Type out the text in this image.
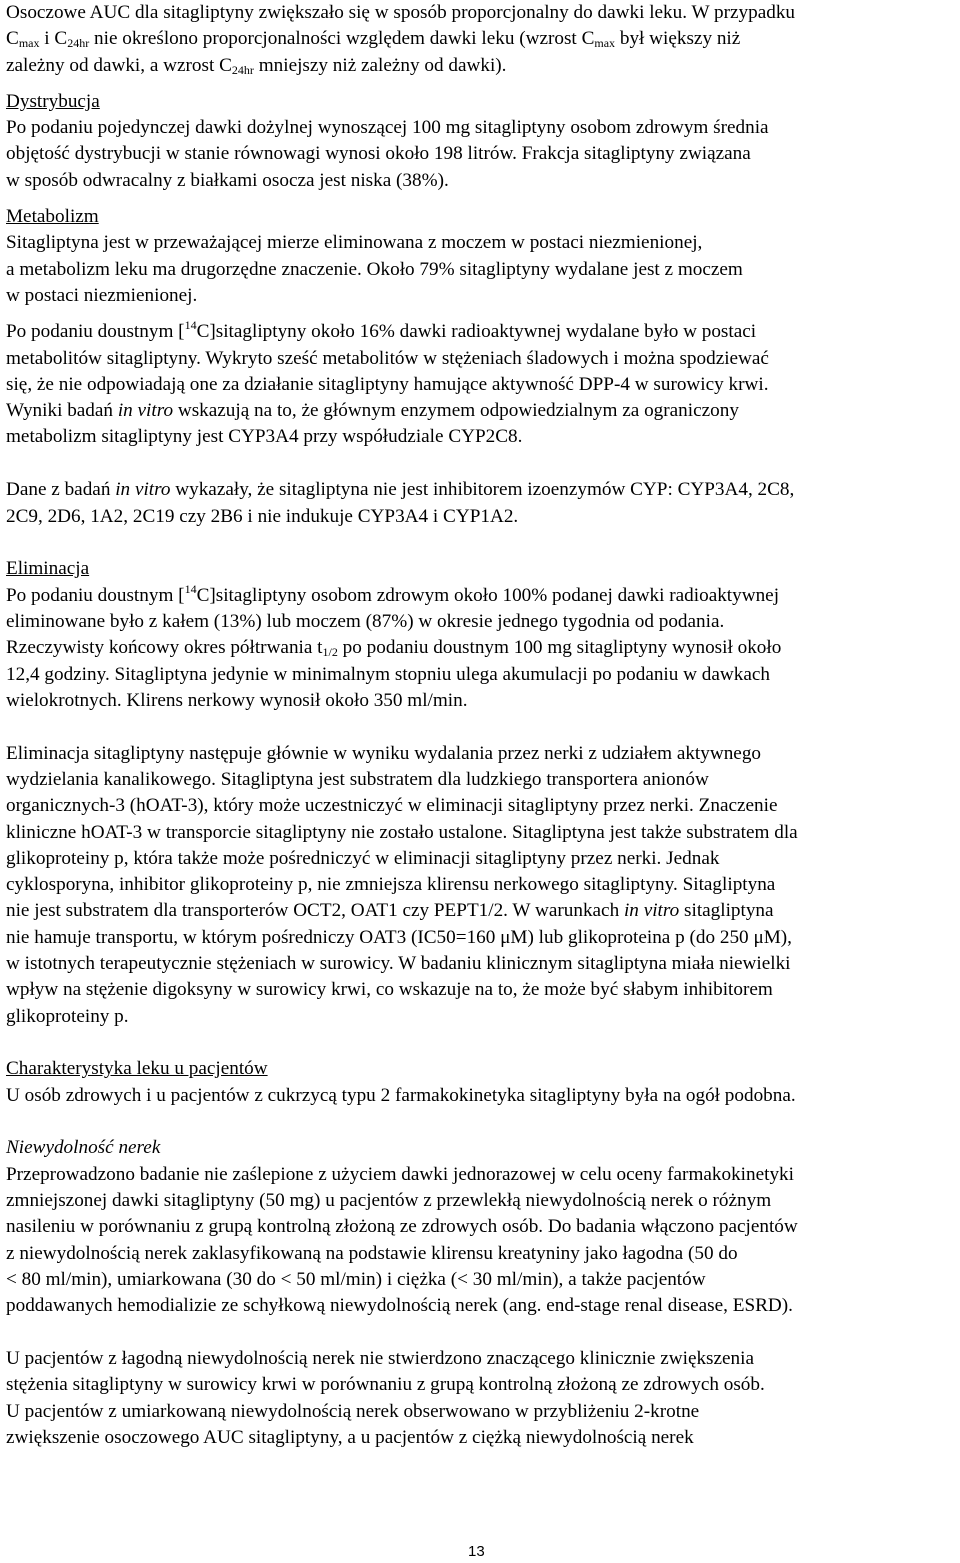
Osoczowe AUC dla sitagliptyny zwiększało się w sposób proporcjonalny do dawki leku. W przypadku
$C_{max}$ i $C_{24hr}$ nie określono proporcjonalności względem dawki leku (wzrost $C_{max}$ był większy niż
zależny od dawki, a wzrost $C_{24hr}$ mniejszy niż zależny od dawki).
Dystrybucja
Po podaniu pojedynczej dawki dożylnej wynoszącej 100 mg sitagliptyny osobom zdrowym średnia
objętość dystrybucji w stanie równowagi wynosi około 198 litrów. Frakcja sitagliptyny związana
w sposób odwracalny z białkami osocza jest niska (38%).
Metabolizm
Sitagliptyna jest w przeważającej mierze eliminowana z moczem w postaci niezmienionej,
a metabolizm leku ma drugorzędne znaczenie. Około 79% sitagliptyny wydalane jest z moczem
w postaci niezmienionej.
Po podaniu doustnym [$^{14}$C]sitagliptyny około 16% dawki radioaktywnej wydalane było w postaci
metabolitów sitagliptyny. Wykryto sześć metabolitów w stężeniach śladowych i można spodziewać
się, że nie odpowiadają one za działanie sitagliptyny hamujące aktywność DPP-4 w surowicy krwi.
Wyniki badań in vitro wskazują na to, że głównym enzymem odpowiedzialnym za ograniczony
metabolizm sitagliptyny jest CYP3A4 przy współudziale CYP2C8.
Dane z badań in vitro wykazały, że sitagliptyna nie jest inhibitorem izoenzymów CYP: CYP3A4, 2C8,
2C9, 2D6, 1A2, 2C19 czy 2B6 i nie indukuje CYP3A4 i CYP1A2.
Eliminacja
Po podaniu doustnym [$^{14}$C]sitagliptyny osobom zdrowym około 100% podanej dawki radioaktywnej
eliminowane było z kałem (13%) lub moczem (87%) w okresie jednego tygodnia od podania.
Rzeczywisty końcowy okres półtrwania $t_{1/2}$ po podaniu doustnym 100 mg sitagliptyny wynosił około
12,4 godziny. Sitagliptyna jedynie w minimalnym stopniu ulega akumulacji po podaniu w dawkach
wielokrotnych. Klirens nerkowy wynosił około 350 ml/min.
Eliminacja sitagliptyny następuje głównie w wyniku wydalania przez nerki z udziałem aktywnego
wydzielania kanalikowego. Sitagliptyna jest substratem dla ludzkiego transportera anionów
organicznych-3 (hOAT-3), który może uczestniczyć w eliminacji sitagliptyny przez nerki. Znaczenie
kliniczne hOAT-3 w transporcie sitagliptyny nie zostało ustalone. Sitagliptyna jest także substratem dla
glikoproteiny p, która także może pośredniczyć w eliminacji sitagliptyny przez nerki. Jednak
cyklosporyna, inhibitor glikoproteiny p, nie zmniejsza klirensu nerkowego sitagliptyny. Sitagliptyna
nie jest substratem dla transporterów OCT2, OAT1 czy PEPT1/2. W warunkach in vitro sitagliptyna
nie hamuje transportu, w którym pośredniczy OAT3 (IC50=160 μM) lub glikoproteina p (do 250 μM),
w istotnych terapeutycznie stężeniach w surowicy. W badaniu klinicznym sitagliptyna miała niewielki
wpływ na stężenie digoksyny w surowicy krwi, co wskazuje na to, że może być słabym inhibitorem
glikoproteiny p.
Charakterystyka leku u pacjentów
U osób zdrowych i u pacjentów z cukrzycą typu 2 farmakokinetyka sitagliptyny była na ogół podobna.
Niewydolność nerek
Przeprowadzono badanie nie zaślepione z użyciem dawki jednorazowej w celu oceny farmakokinetyki
zmniejszonej dawki sitagliptyny (50 mg) u pacjentów z przewlekłą niewydolnością nerek o różnym
nasileniu w porównaniu z grupą kontrolną złożoną ze zdrowych osób. Do badania włączono pacjentów
z niewydolnością nerek zaklasyfikowaną na podstawie klirensu kreatyniny jako łagodna (50 do
< 80 ml/min), umiarkowana (30 do < 50 ml/min) i ciężka (< 30 ml/min), a także pacjentów
poddawanych hemodializie ze schyłkową niewydolnością nerek (ang. end-stage renal disease, ESRD).
U pacjentów z łagodną niewydolnością nerek nie stwierdzono znaczącego klinicznie zwiększenia
stężenia sitagliptyny w surowicy krwi w porównaniu z grupą kontrolną złożoną ze zdrowych osób.
U pacjentów z umiarkowaną niewydolnością nerek obserwowano w przybliżeniu 2-krotne
zwiększenie osoczowego AUC sitagliptyny, a u pacjentów z ciężką niewydolnością nerek
13
